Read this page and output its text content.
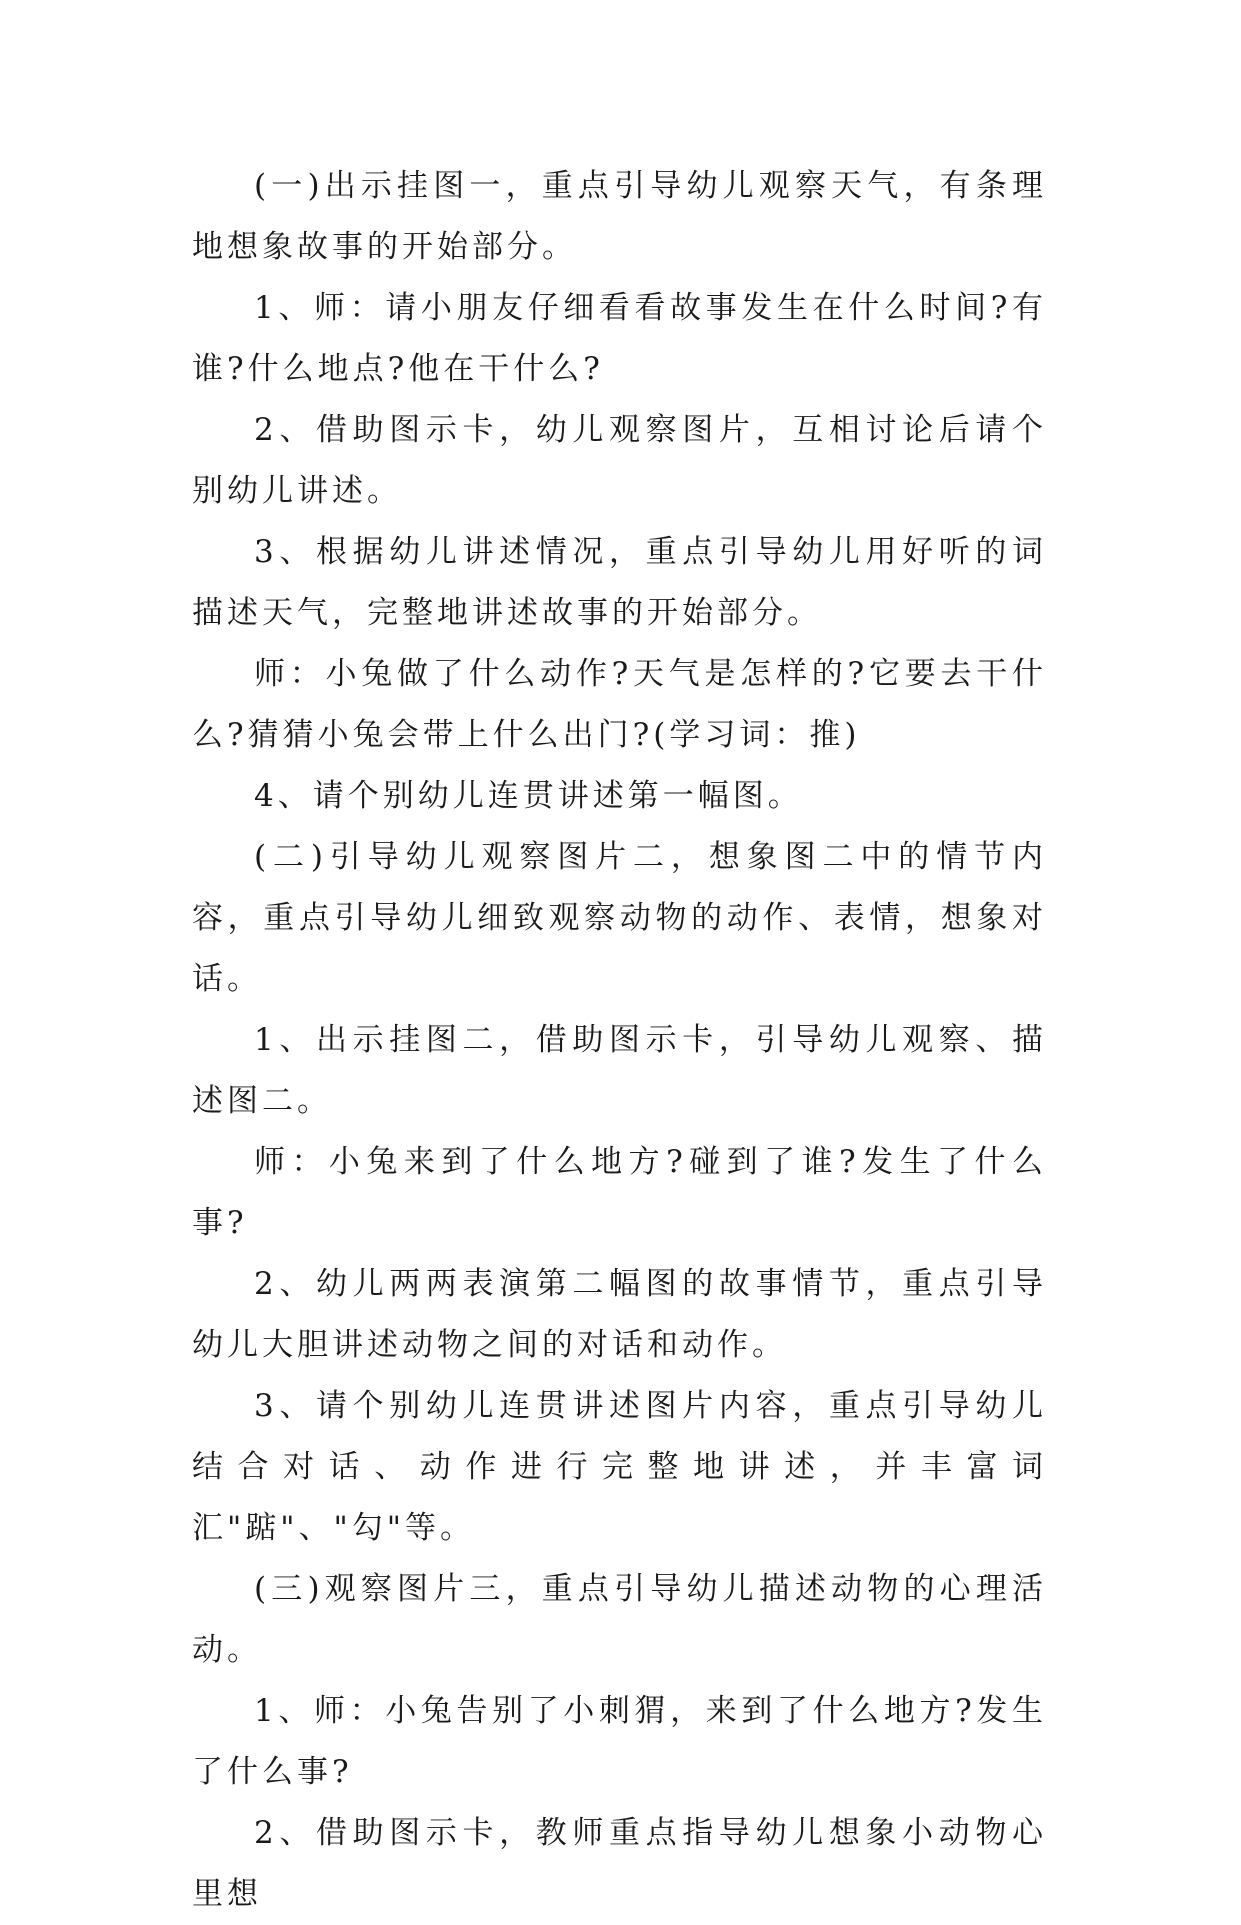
(一)出示挂图一，重点引导幼儿观察天气，有条理地想象故事的开始部分。

1、师：请小朋友仔细看看故事发生在什么时间?有谁?什么地点?他在干什么?

2、借助图示卡，幼儿观察图片，互相讨论后请个别幼儿讲述。

3、根据幼儿讲述情况，重点引导幼儿用好听的词描述天气，完整地讲述故事的开始部分。

师：小兔做了什么动作?天气是怎样的?它要去干什么?猜猜小兔会带上什么出门?(学习词：推)

4、请个别幼儿连贯讲述第一幅图。

(二)引导幼儿观察图片二，想象图二中的情节内容，重点引导幼儿细致观察动物的动作、表情，想象对话。

1、出示挂图二，借助图示卡，引导幼儿观察、描述图二。

师：小兔来到了什么地方?碰到了谁?发生了什么事?

2、幼儿两两表演第二幅图的故事情节，重点引导幼儿大胆讲述动物之间的对话和动作。

3、请个别幼儿连贯讲述图片内容，重点引导幼儿结合对话、动作进行完整地讲述，并丰富词汇"踮"、"勾"等。

(三)观察图片三，重点引导幼儿描述动物的心理活动。

1、师：小兔告别了小刺猬，来到了什么地方?发生了什么事?

2、借助图示卡，教师重点指导幼儿想象小动物心里想
